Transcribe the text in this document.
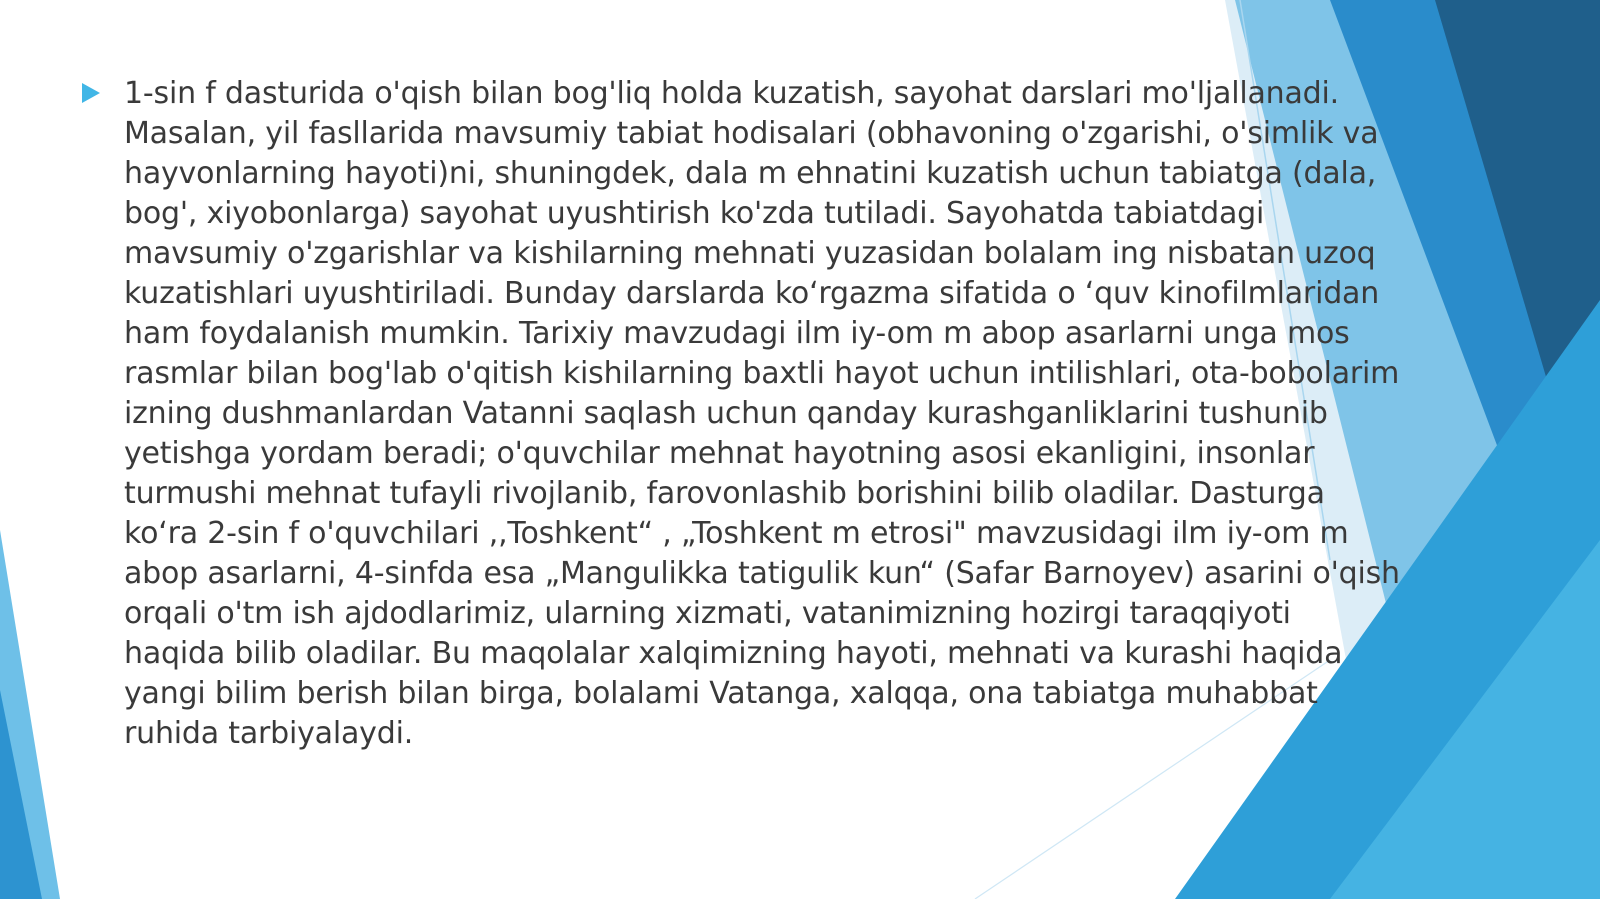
1-sin f dasturida o'qish bilan bog'liq holda kuzatish, sayohat darslari mo'ljallanadi. Masalan, yil fasllarida mavsumiy tabiat hodisalari (obhavoning o'zgarishi, o'simlik va hayvonlarning hayoti)ni, shuningdek, dala m ehnatini kuzatish uchun tabiatga (dala, bog', xiyobonlarga) sayohat uyushtirish ko'zda tutiladi. Sayohatda tabiatdagi mavsumiy o'zgarishlar va kishilarning mehnati yuzasidan bolalam ing nisbatan uzoq kuzatishlari uyushtiriladi. Bunday darslarda koʻrgazma sifatida o ʻquv kinofilmlaridan ham foydalanish mumkin. Tarixiy mavzudagi ilm iy-om m abop asarlarni unga mos rasmlar bilan bog'lab o'qitish kishilarning baxtli hayot uchun intilishlari, ota-bobolarim izning dushmanlardan Vatanni saqlash uchun qanday kurashganliklarini tushunib yetishga yordam beradi; o'quvchilar mehnat hayotning asosi ekanligini, insonlar turmushi mehnat tufayli rivojlanib, farovonlashib borishini bilib oladilar. Dasturga koʻra 2-sin f o'quvchilari ,,Toshkent“ , „Toshkent m etrosi" mavzusidagi ilm iy-om m abop asarlarni, 4-sinfda esa „Mangulikka tatigulik kun“ (Safar Barnoyev) asarini o'qish orqali o'tm ish ajdodlarimiz, ularning xizmati, vatanimizning hozirgi taraqqiyoti haqida bilib oladilar. Bu maqolalar xalqimizning hayoti, mehnati va kurashi haqida yangi bilim berish bilan birga, bolalami Vatanga, xalqqa, ona tabiatga muhabbat ruhida tarbiyalaydi.
